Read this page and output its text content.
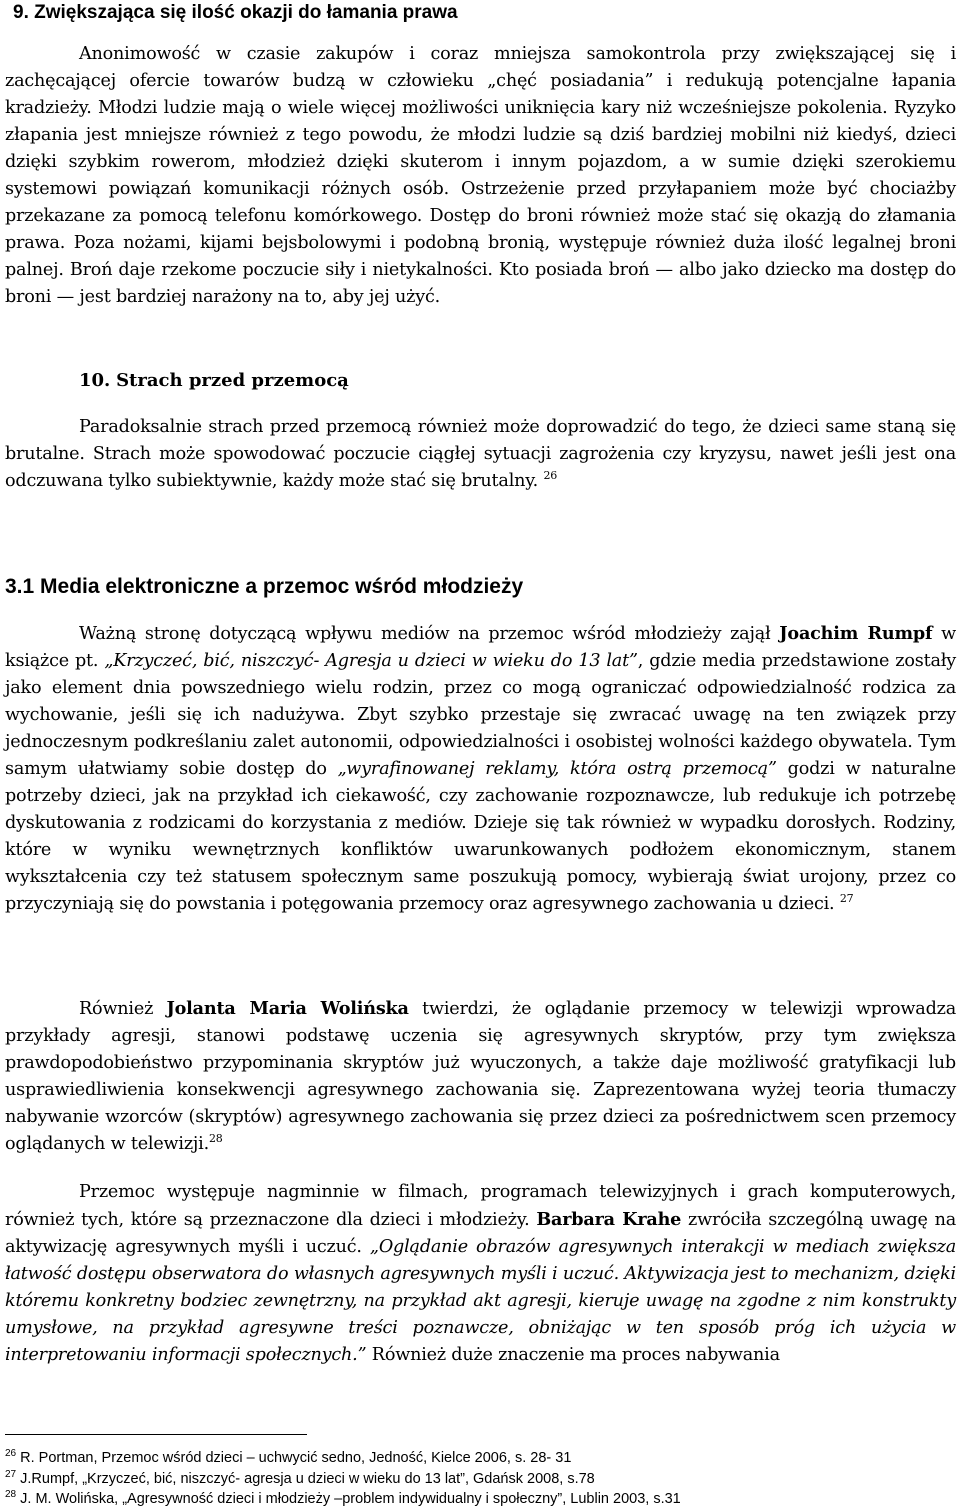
9. Zwiększająca się ilość okazji do łamania prawa

Anonimowość w czasie zakupów i coraz mniejsza samokontrola przy zwiększającej się i zachęcającej ofercie towarów budzą w człowieku „chęć posiadania” i redukują potencjalne łapania kradzieży. Młodzi ludzie mają o wiele więcej możliwości uniknięcia kary niż wcześniejsze pokolenia. Ryzyko złapania jest mniejsze również z tego powodu, że młodzi ludzie są dziś bardziej mobilni niż kiedyś, dzieci dzięki szybkim rowerom, młodzież dzięki skuterom i innym pojazdom, a w sumie dzięki szerokiemu systemowi powiązań komunikacji różnych osób. Ostrzeżenie przed przyłapaniem może być chociażby przekazane za pomocą telefonu komórkowego. Dostęp do broni również może stać się okazją do złamania prawa. Poza nożami, kijami bejsbolowymi i podobną bronią, występuje również duża ilość legalnej broni palnej. Broń daje rzekome poczucie siły i nietykalności. Kto posiada broń — albo jako dziecko ma dostęp do broni — jest bardziej narażony na to, aby jej użyć.

10. Strach przed przemocą

Paradoksalnie strach przed przemocą również może doprowadzić do tego, że dzieci same staną się brutalne. Strach może spowodować poczucie ciągłej sytuacji zagrożenia czy kryzysu, nawet jeśli jest ona odczuwana tylko subiektywnie, każdy może stać się brutalny. $^{26}$

3.1 Media elektroniczne a przemoc wśród młodzieży

Ważną stronę dotyczącą wpływu mediów na przemoc wśród młodzieży zajął Joachim Rumpf w książce pt. „Krzyczeć, bić, niszczyć- Agresja u dzieci w wieku do 13 lat”, gdzie media przedstawione zostały jako element dnia powszedniego wielu rodzin, przez co mogą ograniczać odpowiedzialność rodzica za wychowanie, jeśli się ich nadużywa. Zbyt szybko przestaje się zwracać uwagę na ten związek przy jednoczesnym podkreślaniu zalet autonomii, odpowiedzialności i osobistej wolności każdego obywatela. Tym samym ułatwiamy sobie dostęp do „wyrafinowanej reklamy, która ostrą przemocą” godzi w naturalne potrzeby dzieci, jak na przykład ich ciekawość, czy zachowanie rozpoznawcze, lub redukuje ich potrzebę dyskutowania z rodzicami do korzystania z mediów. Dzieje się tak również w wypadku dorosłych. Rodziny, które w wyniku wewnętrznych konfliktów uwarunkowanych podłożem ekonomicznym, stanem wykształcenia czy też statusem społecznym same poszukują pomocy, wybierają świat urojony, przez co przyczyniają się do powstania i potęgowania przemocy oraz agresywnego zachowania u dzieci. $^{27}$

Również Jolanta Maria Wolińska twierdzi, że oglądanie przemocy w telewizji wprowadza przykłady agresji, stanowi podstawę uczenia się agresywnych skryptów, przy tym zwiększa prawdopodobieństwo przypominania skryptów już wyuczonych, a także daje możliwość gratyfikacji lub usprawiedliwienia konsekwencji agresywnego zachowania się. Zaprezentowana wyżej teoria tłumaczy nabywanie wzorców (skryptów) agresywnego zachowania się przez dzieci za pośrednictwem scen przemocy oglądanych w telewizji.$^{28}$

Przemoc występuje nagminnie w filmach, programach telewizyjnych i grach komputerowych, również tych, które są przeznaczone dla dzieci i młodzieży. Barbara Krahe zwróciła szczególną uwagę na aktywizację agresywnych myśli i uczuć. „Oglądanie obrazów agresywnych interakcji w mediach zwiększa łatwość dostępu obserwatora do własnych agresywnych myśli i uczuć. Aktywizacja jest to mechanizm, dzięki któremu konkretny bodziec zewnętrzny, na przykład akt agresji, kieruje uwagę na zgodne z nim konstrukty umysłowe, na przykład agresywne treści poznawcze, obniżając w ten sposób próg ich użycia w interpretowaniu informacji społecznych.” Również duże znaczenie ma proces nabywania

$^{26}$ R. Portman, Przemoc wśród dzieci – uchwycić sedno, Jedność, Kielce 2006, s. 28- 31

$^{27}$ J.Rumpf, „Krzyczeć, bić, niszczyć- agresja u dzieci w wieku do 13 lat”, Gdańsk 2008, s.78

$^{28}$ J. M. Wolińska, „Agresywność dzieci i młodzieży –problem indywidualny i społeczny”, Lublin 2003, s.31
